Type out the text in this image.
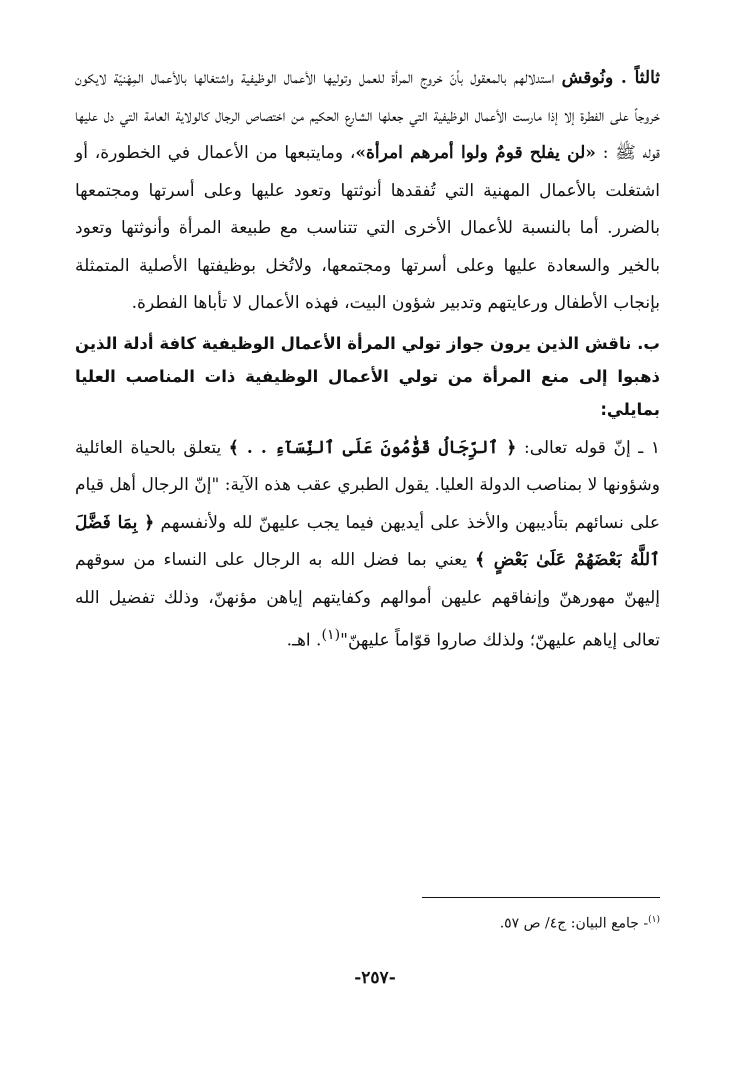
ثالثاً . ونُوقش استدلالهم بالمعقول بأنّ خروج المرأة للعمل وتوليها الأعمال الوظيفية واشتغالها بالأعمال المِهْنيّة لايكون خروجاً على الفطرة إلا إذا مارست الأعمال الوظيفية التي جعلها الشارع الحكيم من اختصاص الرجال كالولاية العامة التي دل عليها قوله ﷺ : «لن يفلح قومٌ ولوا أمرهم امرأة»، ومايتبعها من الأعمال في الخطورة، أو اشتغلت بالأعمال المهنية التي تُفقدها أنوثتها وتعود عليها وعلى أسرتها ومجتمعها بالضرر. أما بالنسبة للأعمال الأخرى التي تتناسب مع طبيعة المرأة وأنوثتها وتعود بالخير والسعادة عليها وعلى أسرتها ومجتمعها، ولاتُخل بوظيفتها الأصلية المتمثلة بإنجاب الأطفال ورعايتهم وتدبير شؤون البيت، فهذه الأعمال لا تأباها الفطرة.

ب. ناقش الذين يرون جواز تولي المرأة الأعمال الوظيفية كافة أدلة الذين ذهبوا إلى منع المرأة من تولي الأعمال الوظيفية ذات المناصب العليا بمايلي:

١ ـ إنّ قوله تعالى: ﴿ ٱلرِّجَالُ قَوَّٰمُونَ عَلَى ٱلنِّسَآءِ . . ﴾ يتعلق بالحياة العائلية وشؤونها لا بمناصب الدولة العليا. يقول الطبري عقب هذه الآية: "إنّ الرجال أهل قيام على نسائهم بتأديبهن والأخذ على أيديهن فيما يجب عليهنّ لله ولأنفسهم ﴿ بِمَا فَضَّلَ ٱللَّهُ بَعْضَهُمْ عَلَىٰ بَعْضٍ ﴾ يعني بما فضل الله به الرجال على النساء من سوقهم إليهنّ مهورهنّ وإنفاقهم عليهن أموالهم وكفايتهم إياهن مؤنهنّ، وذلك تفضيل الله تعالى إياهم عليهنّ؛ ولذلك صاروا قوّاماً عليهنّ"$^{(١)}$. اهـ.

$^{(١)}$- جامع البيان: ج٤/ ص ٥٧.
-٢٥٧-
